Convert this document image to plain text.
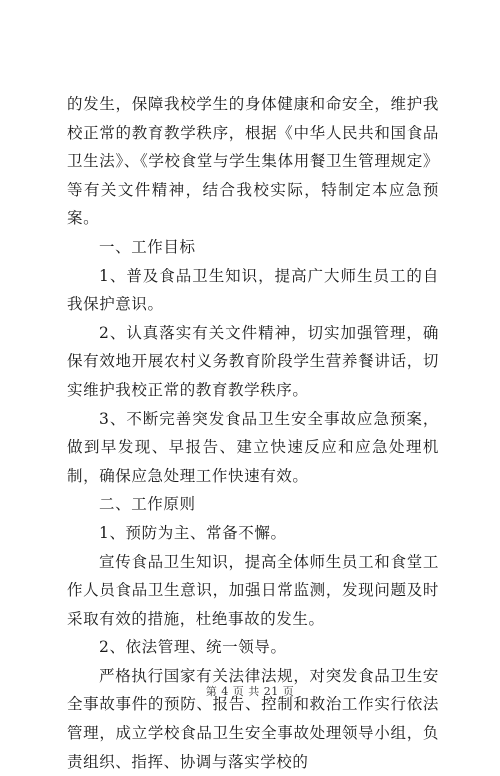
的发生，保障我校学生的身体健康和命安全，维护我校正常的教育教学秩序，根据《中华人民共和国食品卫生法》、《学校食堂与学生集体用餐卫生管理规定》等有关文件精神，结合我校实际，特制定本应急预案。

一、工作目标

1、普及食品卫生知识，提高广大师生员工的自我保护意识。

2、认真落实有关文件精神，切实加强管理，确保有效地开展农村义务教育阶段学生营养餐讲话，切实维护我校正常的教育教学秩序。

3、不断完善突发食品卫生安全事故应急预案，做到早发现、早报告、建立快速反应和应急处理机制，确保应急处理工作快速有效。

二、工作原则

1、预防为主、常备不懈。

宣传食品卫生知识，提高全体师生员工和食堂工作人员食品卫生意识，加强日常监测，发现问题及时采取有效的措施，杜绝事故的发生。

2、依法管理、统一领导。

严格执行国家有关法律法规，对突发食品卫生安全事故事件的预防、报告、控制和救治工作实行依法管理，成立学校食品卫生安全事故处理领导小组，负责组织、指挥、协调与落实学校的

第 4 页 共 21 页
